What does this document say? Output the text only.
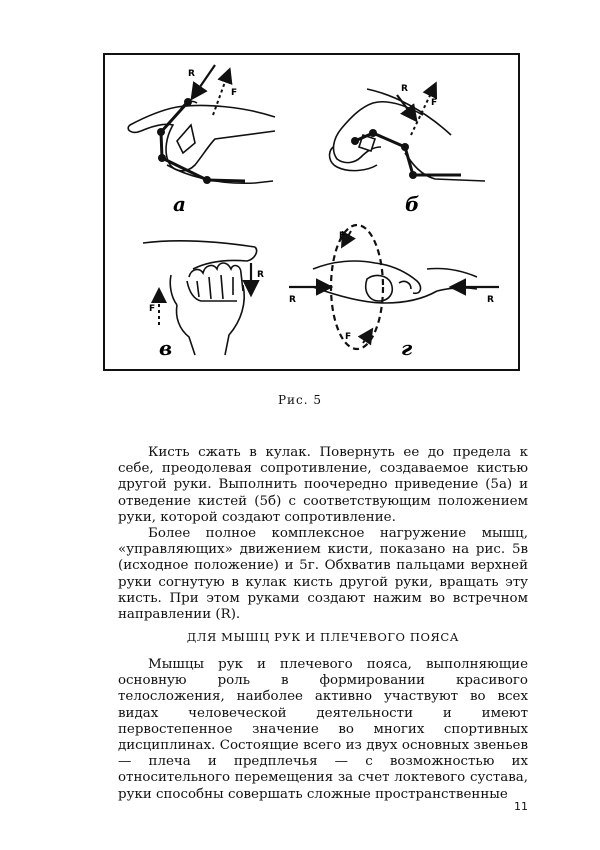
R
F
а
R
F
б
R
F
в
R	R
F
F г
Рис. 5

Кисть сжать в кулак. Повернуть ее до предела к себе, преодолевая сопротивление, создаваемое кистью другой руки. Выполнить поочередно приведение (5а) и отведение кистей (5б) с соответствующим положением руки, которой создают сопротивление.

Более полное комплексное нагружение мышц, «управляющих» движением кисти, показано на рис. 5в (исходное положение) и 5г. Обхватив пальцами верхней руки согнутую в кулак кисть другой руки, вращать эту кисть. При этом руками создают нажим во встречном направлении (R).

ДЛЯ МЫШЦ РУК И ПЛЕЧЕВОГО ПОЯСА

Мышцы рук и плечевого пояса, выполняющие основную роль в формировании красивого телосложения, наиболее активно участвуют во всех видах человеческой деятельности и имеют первостепенное значение во многих спортивных дисциплинах. Состоящие всего из двух основных звеньев — плеча и предплечья — с возможностью их относительного перемещения за счет локтевого сустава, руки способны совершать сложные пространственные

11
